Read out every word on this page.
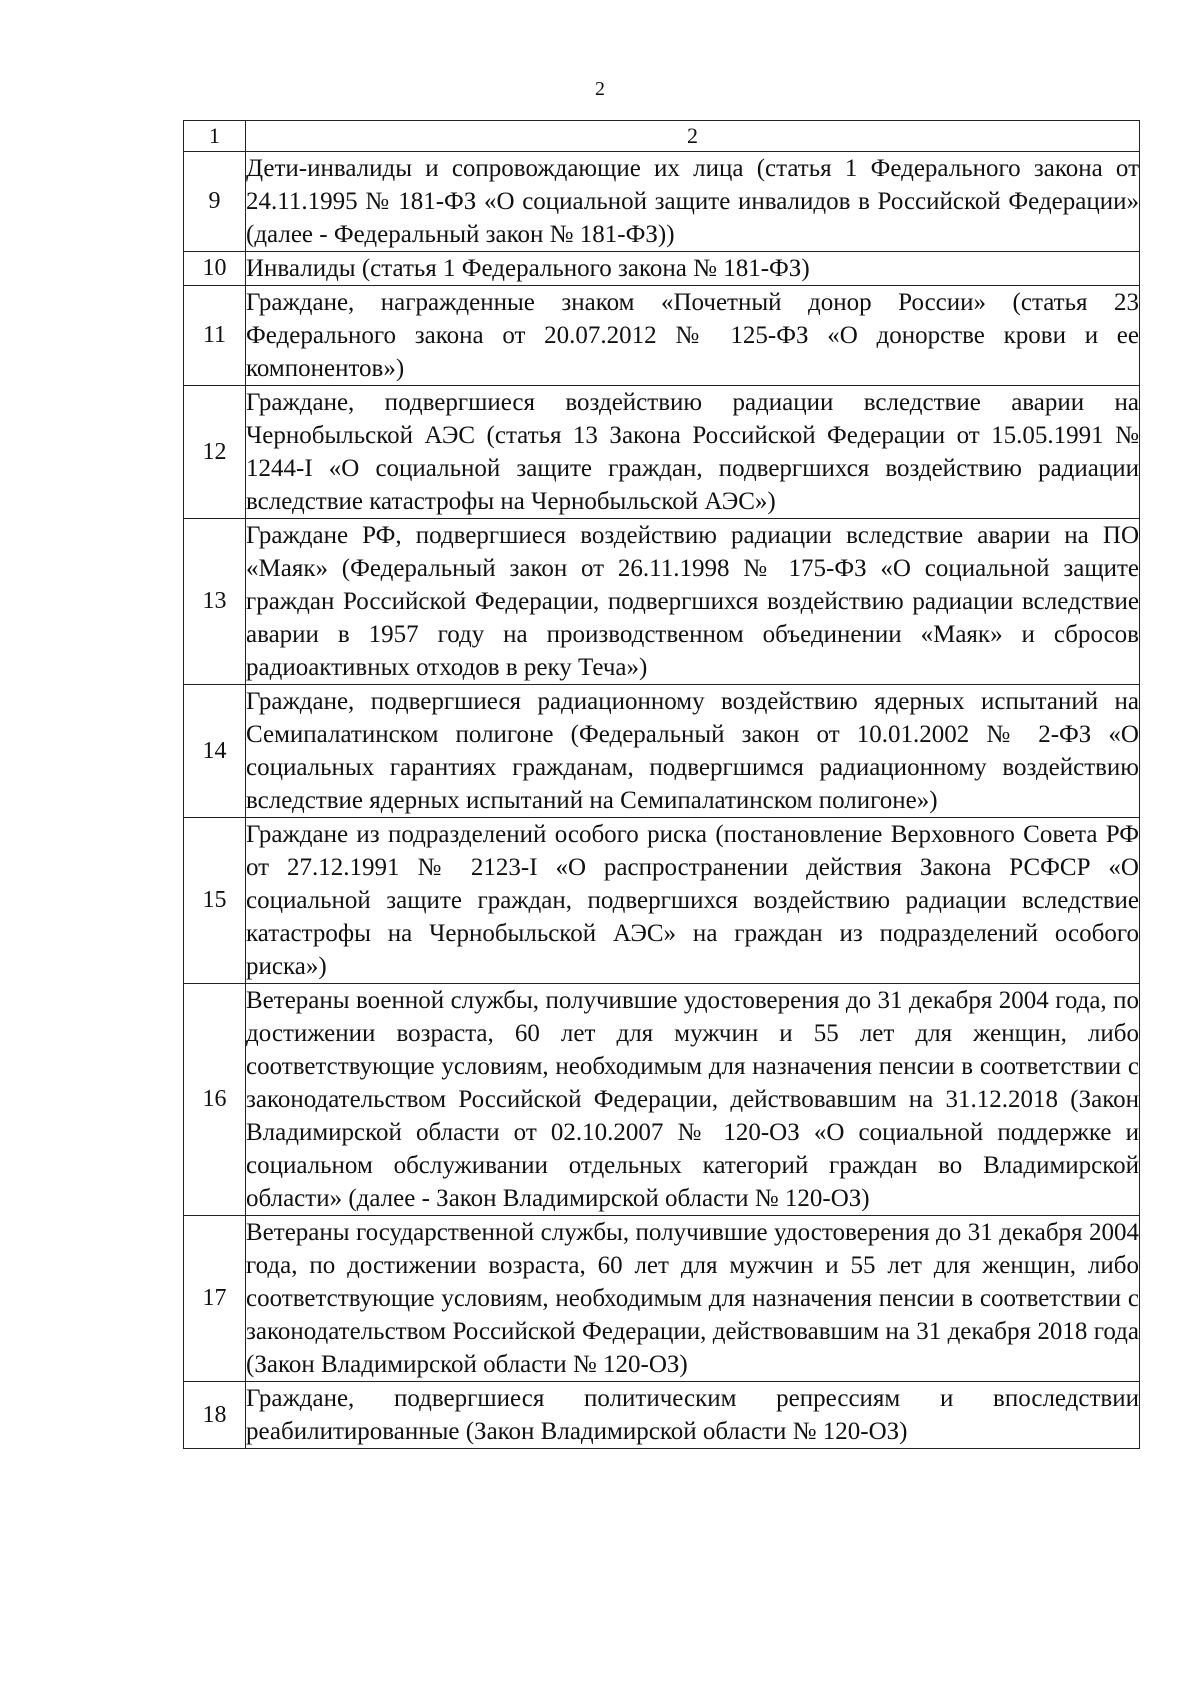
2
1	2
9	Дети-инвалиды и сопровождающие их лица (статья 1 Федерального закона от 24.11.1995 № 181-ФЗ «О социальной защите инвалидов в Российской Федерации» (далее - Федеральный закон № 181-ФЗ))
10	Инвалиды (статья 1 Федерального закона № 181-ФЗ)
11	Граждане, награжденные знаком «Почетный донор России» (статья 23 Федерального закона от 20.07.2012 № 125-ФЗ «О донорстве крови и ее компонентов»)
12	Граждане, подвергшиеся воздействию радиации вследствие аварии на Чернобыльской АЭС (статья 13 Закона Российской Федерации от 15.05.1991 № 1244-I «О социальной защите граждан, подвергшихся воздействию радиации вследствие катастрофы на Чернобыльской АЭС»)
13	Граждане РФ, подвергшиеся воздействию радиации вследствие аварии на ПО «Маяк» (Федеральный закон от 26.11.1998 № 175-ФЗ «О социальной защите граждан Российской Федерации, подвергшихся воздействию радиации вследствие аварии в 1957 году на производственном объединении «Маяк» и сбросов радиоактивных отходов в реку Теча»)
14	Граждане, подвергшиеся радиационному воздействию ядерных испытаний на Семипалатинском полигоне (Федеральный закон от 10.01.2002 № 2-ФЗ «О социальных гарантиях гражданам, подвергшимся радиационному воздействию вследствие ядерных испытаний на Семипалатинском полигоне»)
15	Граждане из подразделений особого риска (постановление Верховного Совета РФ от 27.12.1991 № 2123-I «О распространении действия Закона РСФСР «О социальной защите граждан, подвергшихся воздействию радиации вследствие катастрофы на Чернобыльской АЭС» на граждан из подразделений особого риска»)
16	Ветераны военной службы, получившие удостоверения до 31 декабря 2004 года, по достижении возраста, 60 лет для мужчин и 55 лет для женщин, либо соответствующие условиям, необходимым для назначения пенсии в соответствии с законодательством Российской Федерации, действовавшим на 31.12.2018 (Закон Владимирской области от 02.10.2007 № 120-ОЗ «О социальной поддержке и социальном обслуживании отдельных категорий граждан во Владимирской области» (далее - Закон Владимирской области № 120-ОЗ)
17	Ветераны государственной службы, получившие удостоверения до 31 декабря 2004 года, по достижении возраста, 60 лет для мужчин и 55 лет для женщин, либо соответствующие условиям, необходимым для назначения пенсии в соответствии с законодательством Российской Федерации, действовавшим на 31 декабря 2018 года (Закон Владимирской области № 120-ОЗ)
18	Граждане, подвергшиеся политическим репрессиям и впоследствии реабилитированные (Закон Владимирской области № 120-ОЗ)
